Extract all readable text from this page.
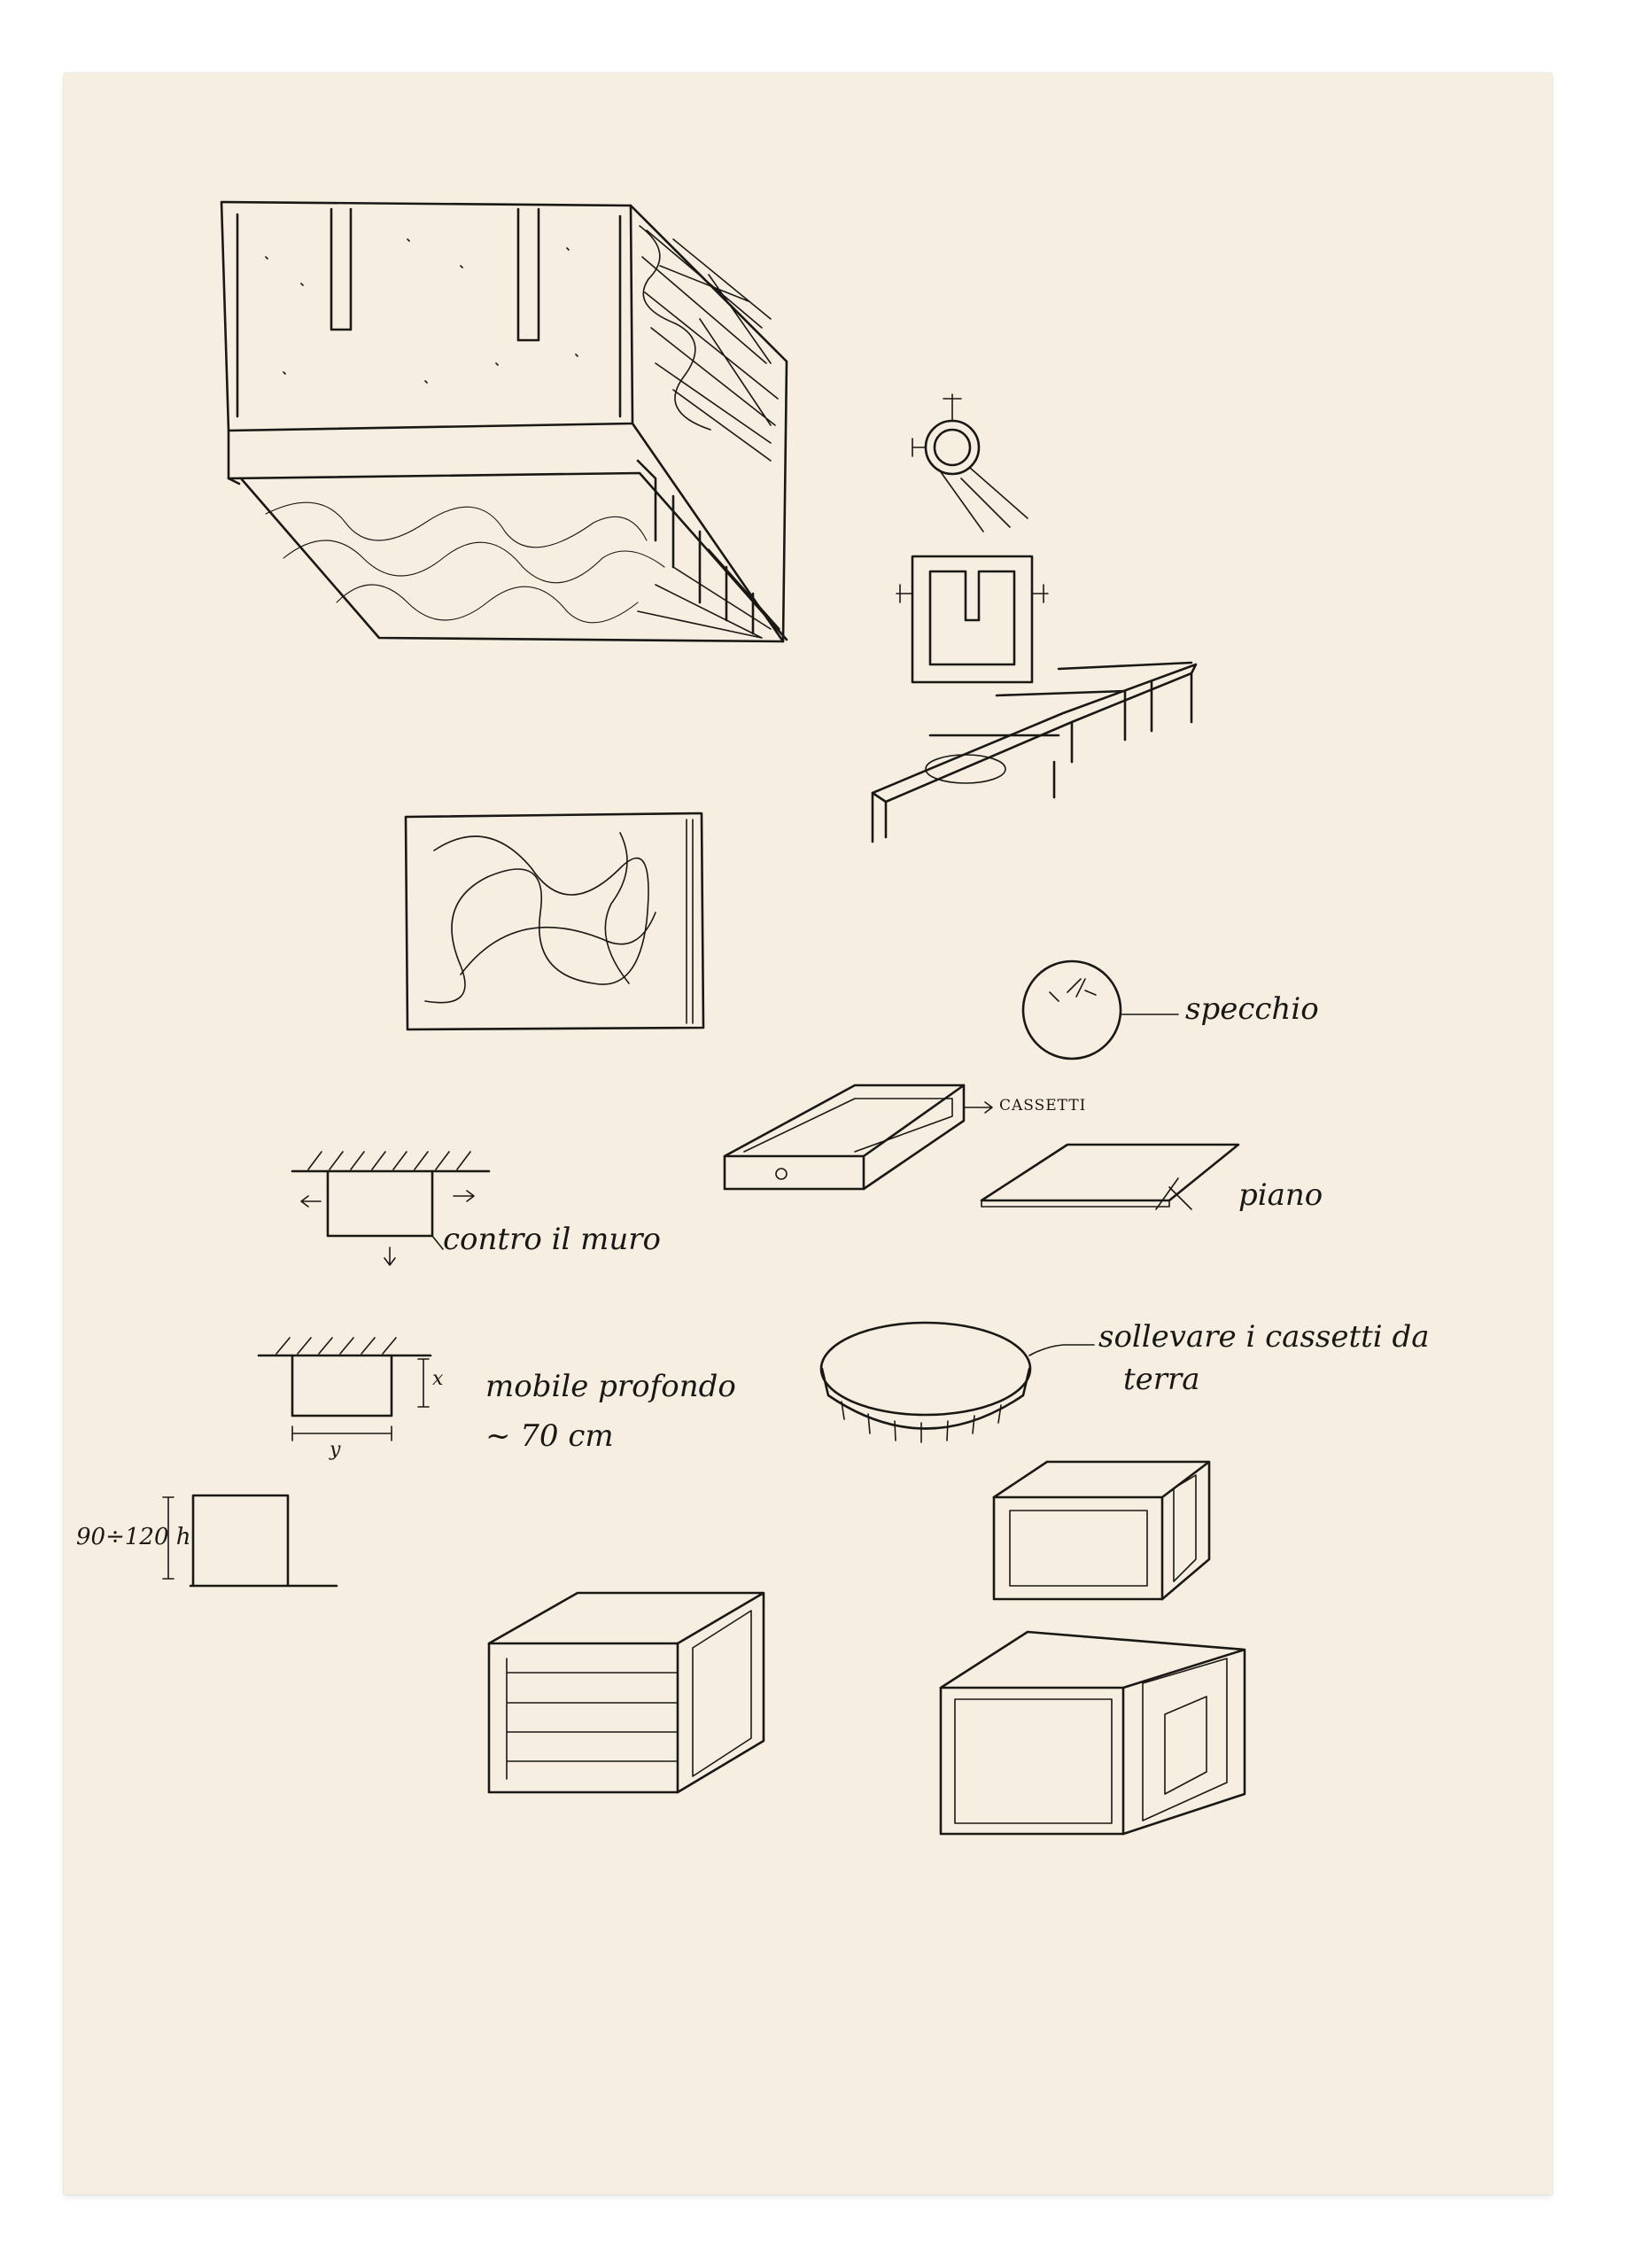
specchio
CASSETTI
piano
contro il muro
sollevare i cassetti da
terra
mobile profondo
~ 70 cm
x
y
90÷120 h
